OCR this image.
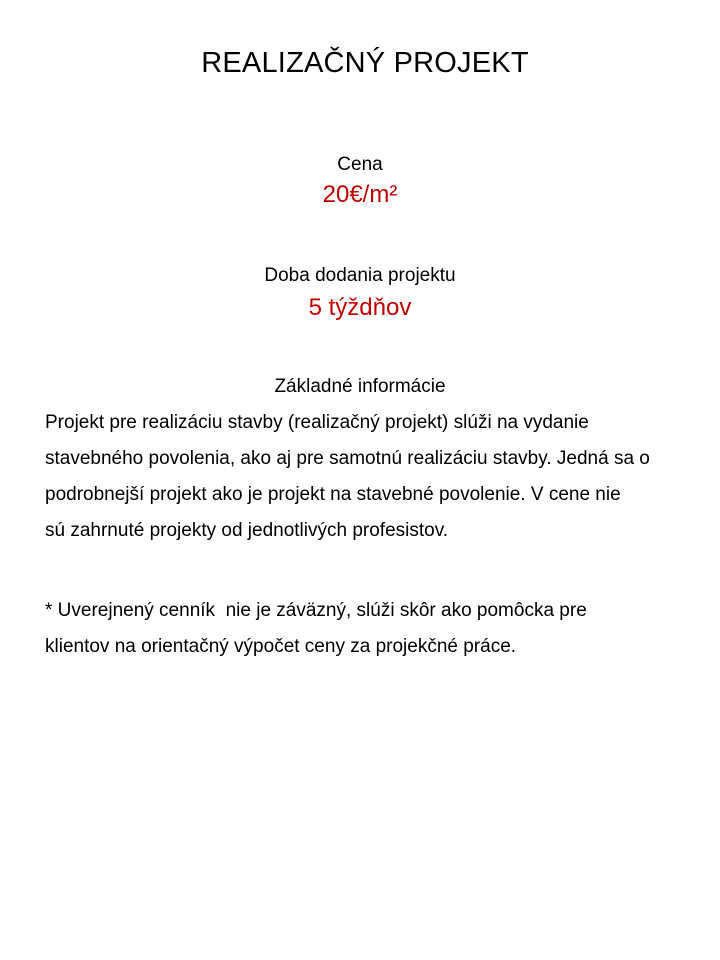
REALIZAČNÝ PROJEKT
Cena
20€/m²
Doba dodania projektu
5 týždňov
Základné informácie
Projekt pre realizáciu stavby (realizačný projekt) slúži na vydanie
stavebného povolenia, ako aj pre samotnú realizáciu stavby. Jedná sa o
podrobnejší projekt ako je projekt na stavebné povolenie. V cene nie
sú zahrnuté projekty od jednotlivých profesistov.
* Uverejnený cenník  nie je záväzný, slúži skôr ako pomôcka pre
klientov na orientačný výpočet ceny za projekčné práce.
